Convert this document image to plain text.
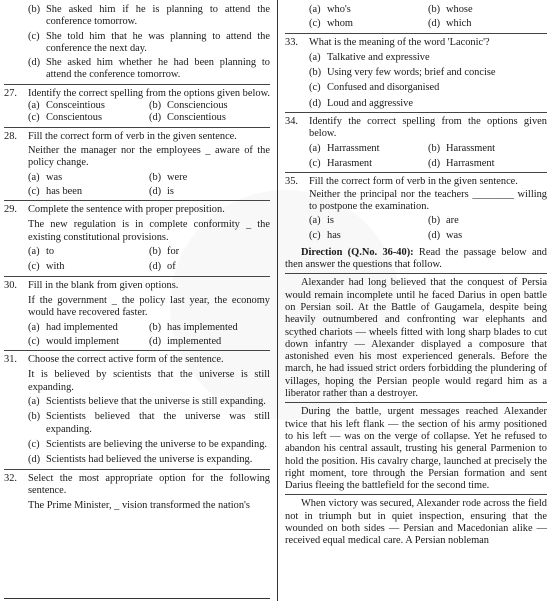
(b) She asked him if he is planning to attend the conference tomorrow.
(c) She told him that he was planning to attend the conference the next day.
(d) She asked him whether he had been planning to attend the conference tomorrow.
27.	Identify the correct spelling from the options given below.
(a) Consceintious	(b) Consciencious
(c) Conscientous	(d) Conscientious
28.	Fill the correct form of verb in the given sentence.
Neither the manager nor the employees _ aware of the policy change.
(a) was	(b) were
(c) has been	(d) is
29.	Complete the sentence with proper preposition.
The new regulation is in complete conformity _ the existing constitutional provisions.
(a) to	(b) for
(c) with	(d) of
30.	Fill in the blank from given options.
If the government _ the policy last year, the economy would have recovered faster.
(a) had implemented	(b) has implemented
(c) would implement	(d) implemented
31.	Choose the correct active form of the sentence.
It is believed by scientists that the universe is still expanding.
(a) Scientists believe that the universe is still expanding.
(b) Scientists believed that the universe was still expanding.
(c) Scientists are believing the universe to be expanding.
(d) Scientists had believed the universe is expanding.
32.	Select the most appropriate option for the following sentence.
The Prime Minister, _ vision transformed the nation's
(a) who's	(b) whose
(c) whom	(d) which
33.	What is the meaning of the word 'Laconic'?
(a) Talkative and expressive
(b) Using very few words; brief and concise
(c) Confused and disorganised
(d) Loud and aggressive
34.	Identify the correct spelling from the options given below.
(a) Harrassment	(b) Harassment
(c) Harasment	(d) Harrasment
35.	Fill the correct form of verb in the given sentence.
Neither the principal nor the teachers ________ willing to postpone the examination.
(a) is	(b) are
(c) has	(d) was
Direction (Q.No. 36-40): Read the passage below and then answer the questions that follow.
Alexander had long believed that the conquest of Persia would remain incomplete until he faced Darius in open battle on Persian soil. At the Battle of Gaugamela, despite being heavily outnumbered and confronting war elephants and scythed chariots — wheels fitted with long sharp blades to cut down infantry — Alexander displayed a composure that astonished even his most experienced generals. Before the march, he had issued strict orders forbidding the plundering of villages, hoping the Persian people would regard him as a liberator rather than a destroyer.
During the battle, urgent messages reached Alexander twice that his left flank — the section of his army positioned to his left — was on the verge of collapse. Yet he refused to abandon his central assault, trusting his general Parmenion to hold the position. His cavalry charge, launched at precisely the right moment, tore through the Persian formation and sent Darius fleeing the battlefield for the second time.
When victory was secured, Alexander rode across the field not in triumph but in quiet inspection, ensuring that the wounded on both sides — Persian and Macedonian alike — received equal medical care. A Persian nobleman
